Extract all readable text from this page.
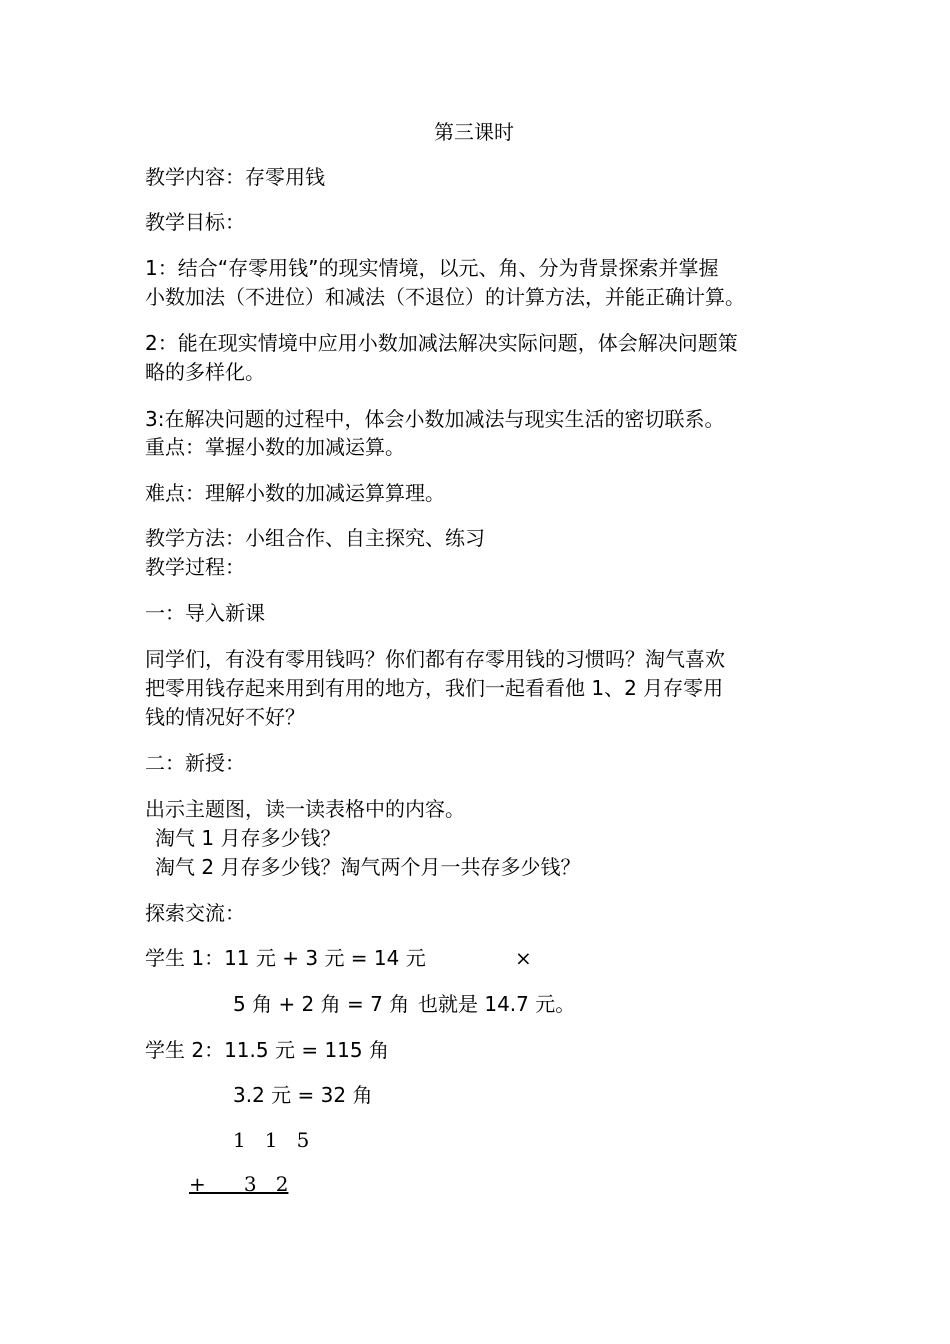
第三课时
教学内容：存零用钱
教学目标：
1：结合“存零用钱”的现实情境，以元、角、分为背景探索并掌握
小数加法（不进位）和减法（不退位）的计算方法，并能正确计算。
2：能在现实情境中应用小数加减法解决实际问题，体会解决问题策
略的多样化。
3:在解决问题的过程中，体会小数加减法与现实生活的密切联系。
重点：掌握小数的加减运算。
难点：理解小数的加减运算算理。
教学方法：小组合作、自主探究、练习
教学过程：
一：导入新课
同学们，有没有零用钱吗？你们都有存零用钱的习惯吗？淘气喜欢
把零用钱存起来用到有用的地方，我们一起看看他 1、2 月存零用
钱的情况好不好？
二：新授：
出示主题图，读一读表格中的内容。
淘气 1 月存多少钱？
淘气 2 月存多少钱？淘气两个月一共存多少钱？
探索交流：
学生 1：11 元 + 3 元 = 14 元	×
5 角 + 2 角 = 7 角 也就是 14.7 元。
学生 2：11.5 元 = 115 角
3.2 元 = 32 角
1   1   5
+      3   2
